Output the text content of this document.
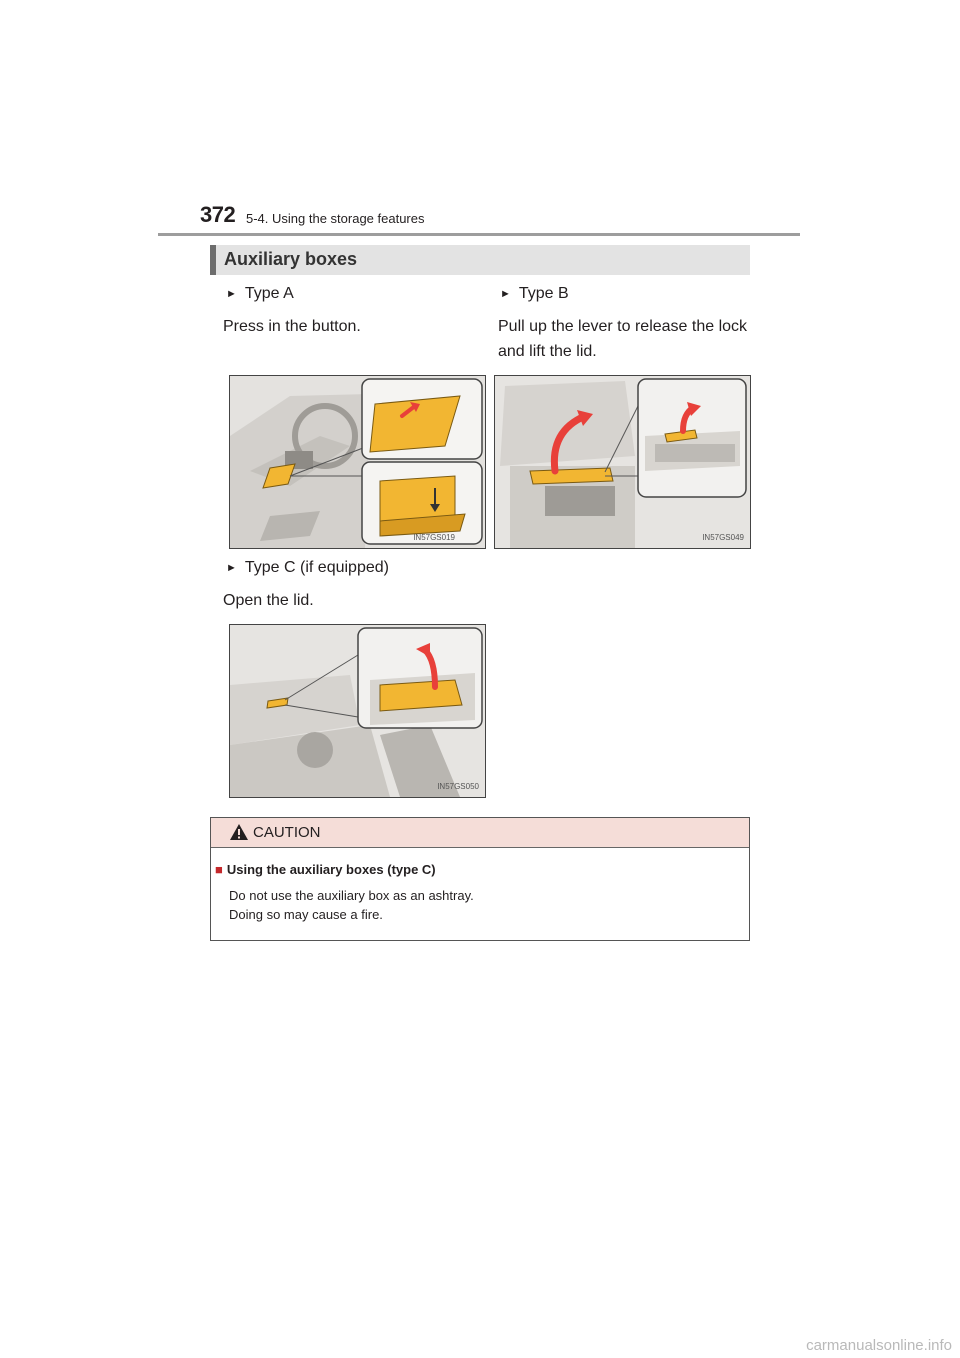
372 5-4. Using the storage features
Auxiliary boxes
► Type A
Press in the button.
► Type B
Pull up the lever to release the lock
and lift the lid.
IN57GS019	IN57GS049
► Type C (if equipped)
Open the lid.
IN57GS050
CAUTION
■ Using the auxiliary boxes (type C)
Do not use the auxiliary box as an ashtray.
Doing so may cause a fire.
carmanualsonline.info
